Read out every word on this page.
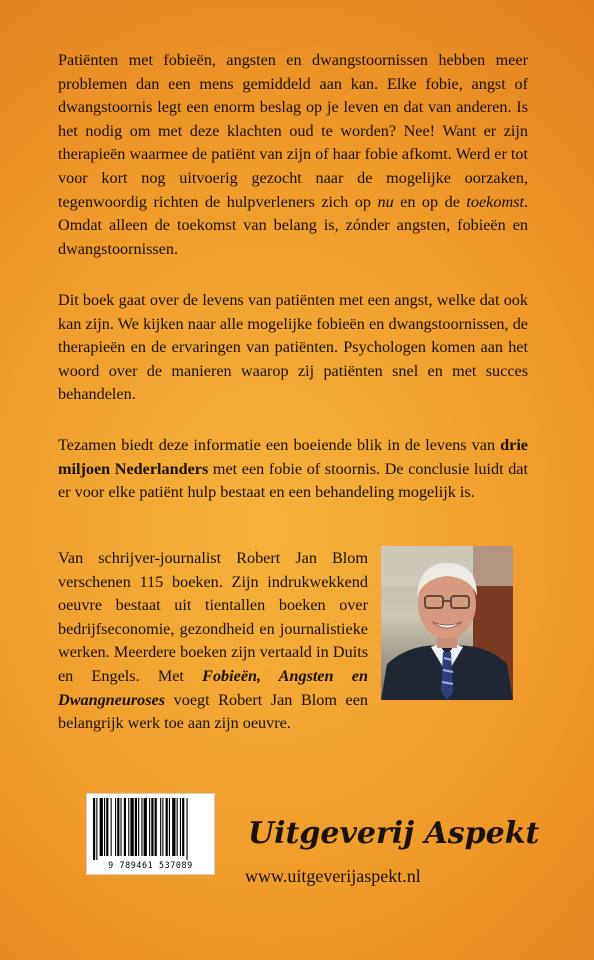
Patiënten met fobieën, angsten en dwangstoornissen hebben meer problemen dan een mens gemiddeld aan kan. Elke fobie, angst of dwangstoornis legt een enorm beslag op je leven en dat van anderen. Is het nodig om met deze klachten oud te worden? Nee! Want er zijn therapieën waarmee de patiënt van zijn of haar fobie afkomt. Werd er tot voor kort nog uitvoerig gezocht naar de mogelijke oorzaken, tegenwoordig richten de hulpverleners zich op nu en op de toekomst. Omdat alleen de toekomst van belang is, zónder angsten, fobieën en dwangstoornissen.

Dit boek gaat over de levens van patiënten met een angst, welke dat ook kan zijn. We kijken naar alle mogelijke fobieën en dwangstoornissen, de therapieën en de ervaringen van patiënten. Psychologen komen aan het woord over de manieren waarop zij patiënten snel en met succes behandelen.

Tezamen biedt deze informatie een boeiende blik in de levens van drie miljoen Nederlanders met een fobie of stoornis. De conclusie luidt dat er voor elke patiënt hulp bestaat en een behandeling mogelijk is.

Van schrijver-journalist Robert Jan Blom verschenen 115 boeken. Zijn indrukwekkend oeuvre bestaat uit tientallen boeken over bedrijfseconomie, gezondheid en journalistieke werken. Meerdere boeken zijn vertaald in Duits en Engels. Met Fobieën, Angsten en Dwangneuroses voegt Robert Jan Blom een belangrijk werk toe aan zijn oeuvre.

9 789461 537089
Uitgeverij Aspekt
www.uitgeverijaspekt.nl
